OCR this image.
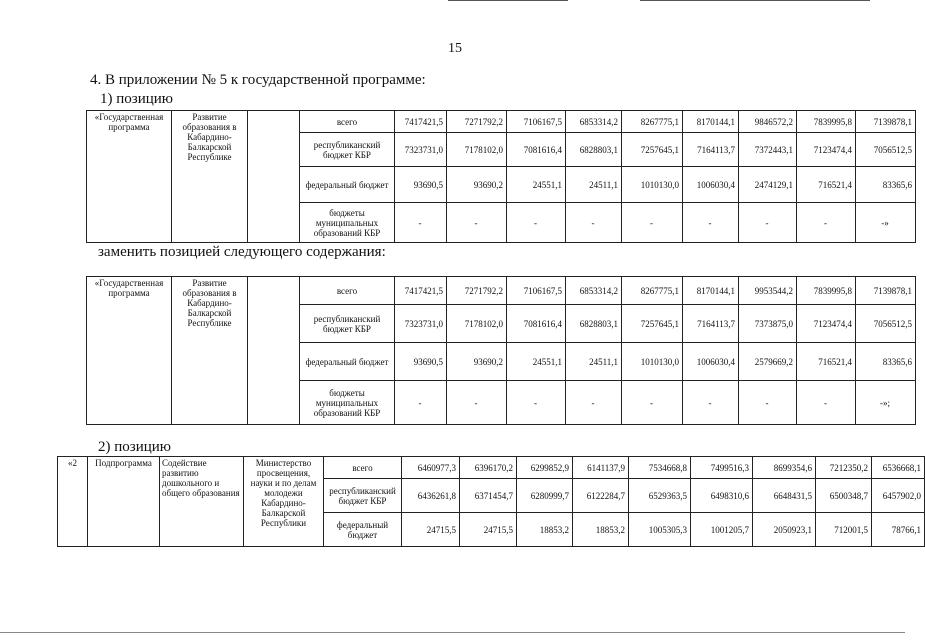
15
4. В приложении № 5 к государственной программе:
1) позицию
«Государственная программа	Развитие образования в Кабардино-Балкарской Республике		всего	7417421,5	7271792,2	7106167,5	6853314,2	8267775,1	8170144,1	9846572,2	7839995,8	7139878,1
			республиканский бюджет КБР	7323731,0	7178102,0	7081616,4	6828803,1	7257645,1	7164113,7	7372443,1	7123474,4	7056512,5
			федеральный бюджет	93690,5	93690,2	24551,1	24511,1	1010130,0	1006030,4	2474129,1	716521,4	83365,6
			бюджеты муниципальных образований КБР	-	-	-	-	-	-	-	-	-»
заменить позицией следующего содержания:
«Государственная программа	Развитие образования в Кабардино-Балкарской Республике		всего	7417421,5	7271792,2	7106167,5	6853314,2	8267775,1	8170144,1	9953544,2	7839995,8	7139878,1
			республиканский бюджет КБР	7323731,0	7178102,0	7081616,4	6828803,1	7257645,1	7164113,7	7373875,0	7123474,4	7056512,5
			федеральный бюджет	93690,5	93690,2	24551,1	24511,1	1010130,0	1006030,4	2579669,2	716521,4	83365,6
			бюджеты муниципальных образований КБР	-	-	-	-	-	-	-	-	-»;
2) позицию
«2	Подпрограмма	Содействие развитию дошкольного и общего образования	Министерство просвещения, науки и по делам молодежи Кабардино-Балкарской Республики	всего	6460977,3	6396170,2	6299852,9	6141137,9	7534668,8	7499516,3	8699354,6	7212350,2	6536668,1
				республиканский бюджет КБР	6436261,8	6371454,7	6280999,7	6122284,7	6529363,5	6498310,6	6648431,5	6500348,7	6457902,0
				федеральный бюджет	24715,5	24715,5	18853,2	18853,2	1005305,3	1001205,7	2050923,1	712001,5	78766,1
